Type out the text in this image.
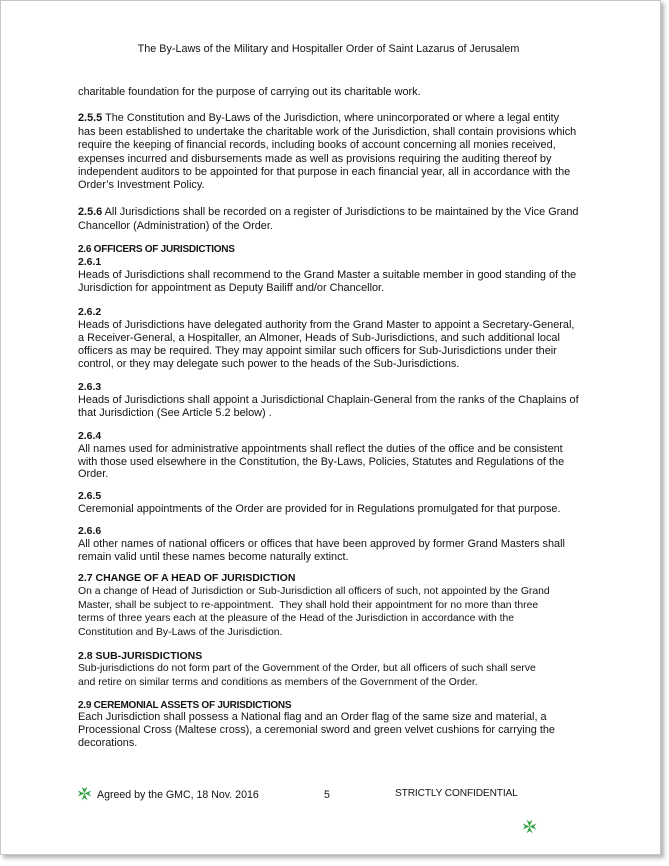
The By-Laws of the Military and Hospitaller Order of Saint Lazarus of Jerusalem
charitable foundation for the purpose of carrying out its charitable work.
2.5.5 The Constitution and By-Laws of the Jurisdiction, where unincorporated or where a legal entity
has been established to undertake the charitable work of the Jurisdiction, shall contain provisions which
require the keeping of financial records, including books of account concerning all monies received,
expenses incurred and disbursements made as well as provisions requiring the auditing thereof by
independent auditors to be appointed for that purpose in each financial year, all in accordance with the
Order’s Investment Policy.
2.5.6 All Jurisdictions shall be recorded on a register of Jurisdictions to be maintained by the Vice Grand
Chancellor (Administration) of the Order.
2.6 OFFICERS OF JURISDICTIONS
2.6.1
Heads of Jurisdictions shall recommend to the Grand Master a suitable member in good standing of the
Jurisdiction for appointment as Deputy Bailiff and/or Chancellor.
2.6.2
Heads of Jurisdictions have delegated authority from the Grand Master to appoint a Secretary-General,
a Receiver-General, a Hospitaller, an Almoner, Heads of Sub-Jurisdictions, and such additional local
officers as may be required. They may appoint similar such officers for Sub-Jurisdictions under their
control, or they may delegate such power to the heads of the Sub-Jurisdictions.
2.6.3
Heads of Jurisdictions shall appoint a Jurisdictional Chaplain-General from the ranks of the Chaplains of
that Jurisdiction (See Article 5.2 below) .
2.6.4
All names used for administrative appointments shall reflect the duties of the office and be consistent
with those used elsewhere in the Constitution, the By-Laws, Policies, Statutes and Regulations of the
Order.
2.6.5
Ceremonial appointments of the Order are provided for in Regulations promulgated for that purpose.
2.6.6
All other names of national officers or offices that have been approved by former Grand Masters shall
remain valid until these names become naturally extinct.
2.7 CHANGE OF A HEAD OF JURISDICTION
On a change of Head of Jurisdiction or Sub-Jurisdiction all officers of such, not appointed by the Grand
Master, shall be subject to re-appointment.  They shall hold their appointment for no more than three
terms of three years each at the pleasure of the Head of the Jurisdiction in accordance with the
Constitution and By-Laws of the Jurisdiction.
2.8 SUB-JURISDICTIONS
Sub-jurisdictions do not form part of the Government of the Order, but all officers of such shall serve
and retire on similar terms and conditions as members of the Government of the Order.
2.9 CEREMONIAL ASSETS OF JURISDICTIONS
Each Jurisdiction shall possess a National flag and an Order flag of the same size and material, a
Processional Cross (Maltese cross), a ceremonial sword and green velvet cushions for carrying the
decorations.
Agreed by the GMC, 18 Nov. 2016	5	STRICTLY CONFIDENTIAL
